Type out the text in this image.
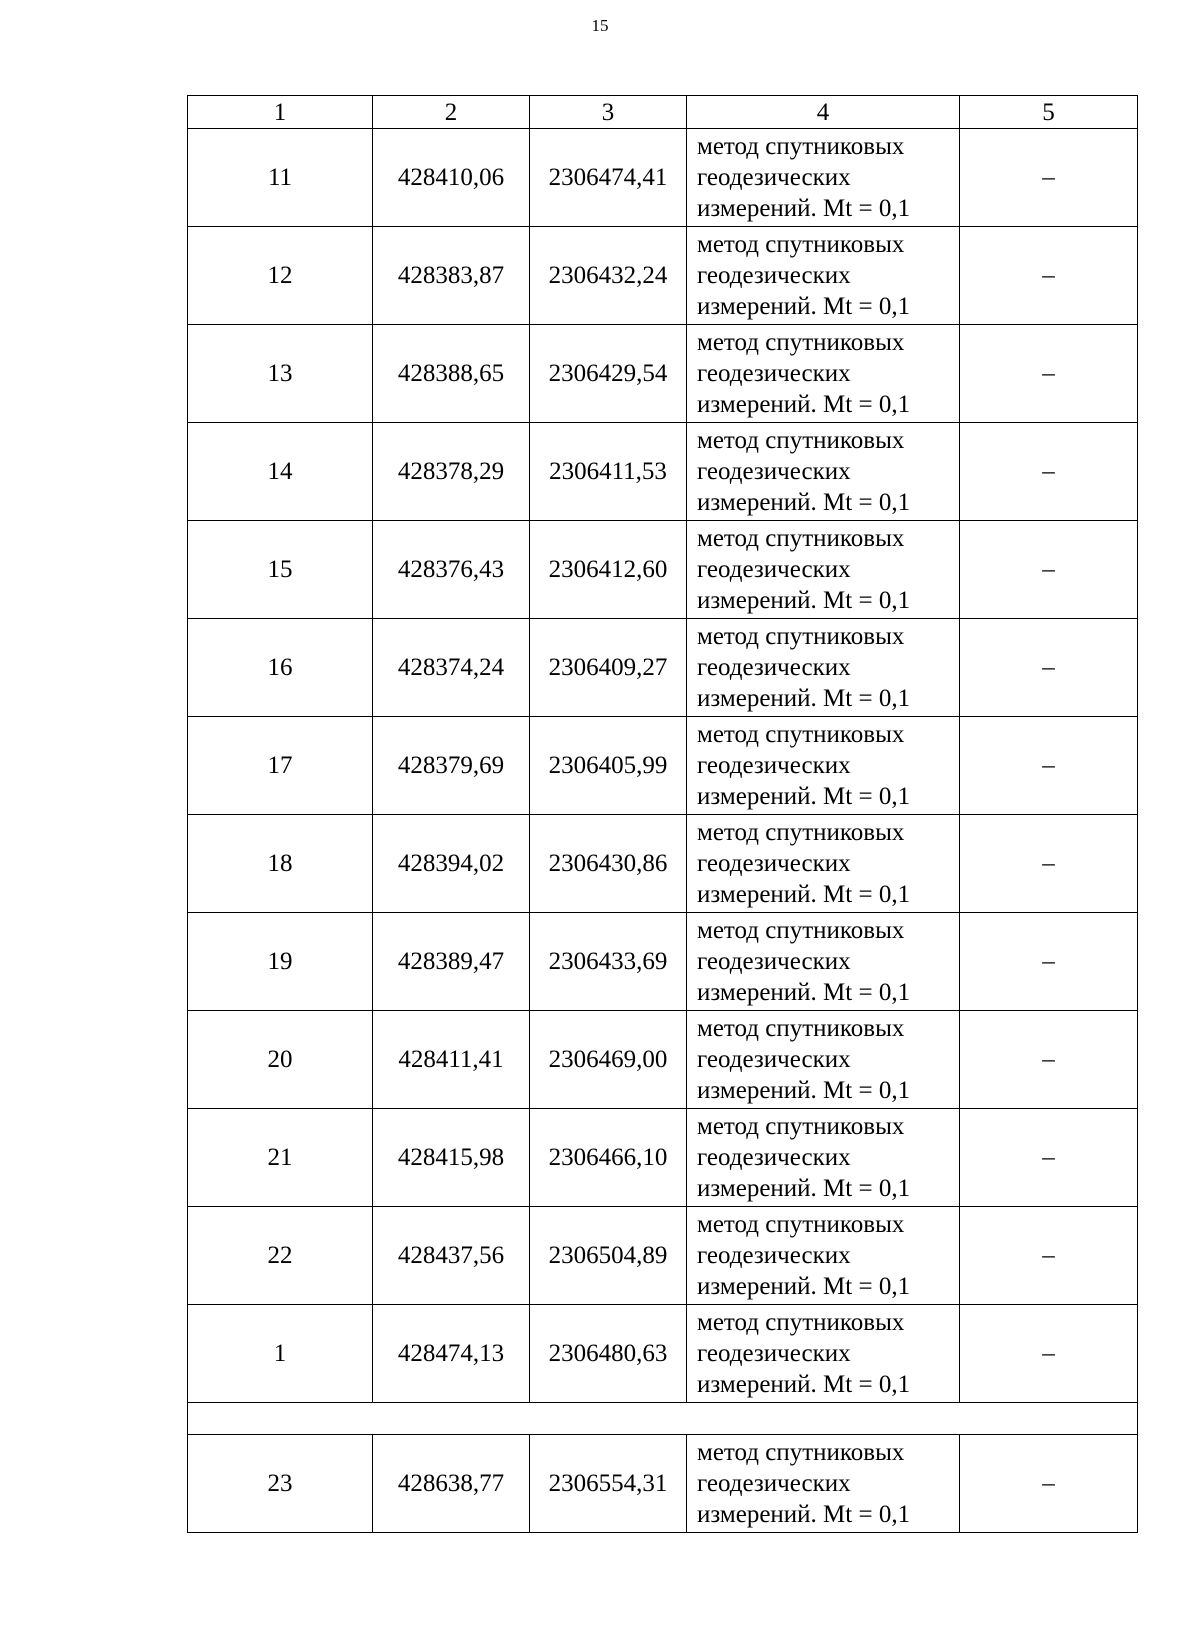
15
1	2	3	4	5
11	428410,06	2306474,41	метод спутниковых
геодезических
измерений. Mt = 0,1	–
12	428383,87	2306432,24	метод спутниковых
геодезических
измерений. Mt = 0,1	–
13	428388,65	2306429,54	метод спутниковых
геодезических
измерений. Mt = 0,1	–
14	428378,29	2306411,53	метод спутниковых
геодезических
измерений. Mt = 0,1	–
15	428376,43	2306412,60	метод спутниковых
геодезических
измерений. Mt = 0,1	–
16	428374,24	2306409,27	метод спутниковых
геодезических
измерений. Mt = 0,1	–
17	428379,69	2306405,99	метод спутниковых
геодезических
измерений. Mt = 0,1	–
18	428394,02	2306430,86	метод спутниковых
геодезических
измерений. Mt = 0,1	–
19	428389,47	2306433,69	метод спутниковых
геодезических
измерений. Mt = 0,1	–
20	428411,41	2306469,00	метод спутниковых
геодезических
измерений. Mt = 0,1	–
21	428415,98	2306466,10	метод спутниковых
геодезических
измерений. Mt = 0,1	–
22	428437,56	2306504,89	метод спутниковых
геодезических
измерений. Mt = 0,1	–
1	428474,13	2306480,63	метод спутниковых
геодезических
измерений. Mt = 0,1	–

23	428638,77	2306554,31	метод спутниковых
геодезических
измерений. Mt = 0,1	–
